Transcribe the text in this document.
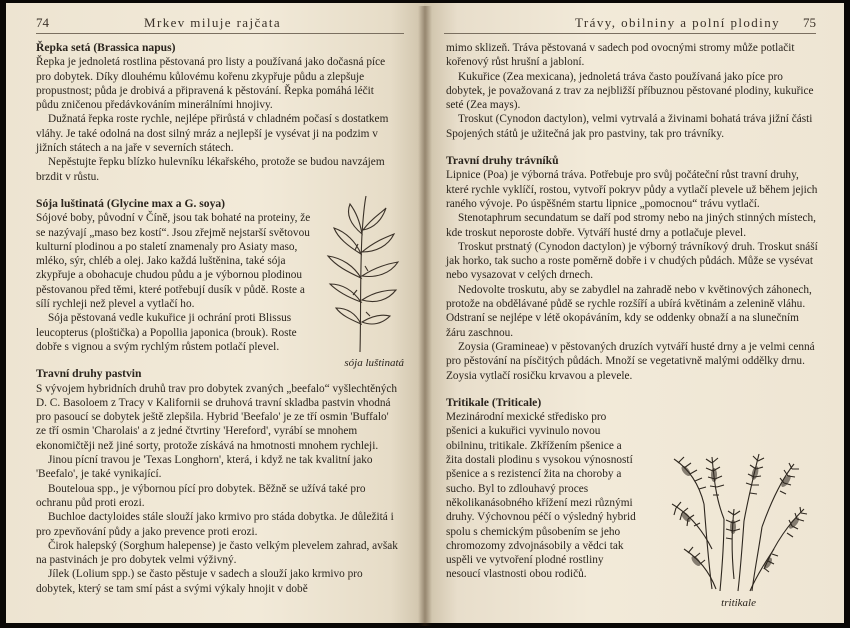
74	Mrkev miluje rajčata
Řepka setá (Brassica napus)

Řepka je jednoletá rostlina pěstovaná pro listy a používaná jako dočasná píce pro dobytek. Díky dlouhému kůlovému kořenu zkypřuje půdu a zlepšuje propustnost; půda je drobivá a připravená k pěstování. Řepka pomáhá léčit půdu zničenou předávkováním minerálními hnojivy.

Dužnatá řepka roste rychle, nejlépe přirůstá v chladném počasí s dostatkem vláhy. Je také odolná na dost silný mráz a nejlepší je vysévat ji na podzim v jižních státech a na jaře v severních státech.

Nepěstujte řepku blízko hulevníku lékařského, protože se budou navzájem brzdit v růstu.

Sója luštinatá (Glycine max a G. soya)

Sójové boby, původní v Číně, jsou tak bohaté na proteiny, že se nazývají „maso bez kostí“. Jsou zřejmě nejstarší světovou kulturní plodinou a po staletí znamenaly pro Asiaty maso, mléko, sýr, chléb a olej. Jako každá luštěnina, také sója zkypřuje a obohacuje chudou půdu a je výbornou plodinou pěstovanou před těmi, které potřebují dusík v půdě. Roste a sílí rychleji než plevel a vytlačí ho.

Sója pěstovaná vedle kukuřice ji ochrání proti Blissus leucopterus (ploštička) a Popollia japonica (brouk). Roste dobře s vignou a svým rychlým růstem potlačí plevel.

Travní druhy pastvin

S vývojem hybridních druhů trav pro dobytek zvaných „beefalo“ vyšlechtěných D. C. Basoloem z Tracy v Kalifornii se druhová travní skladba pastvin vhodná pro pasoucí se dobytek ještě zlepšila. Hybrid 'Beefalo' je ze tří osmin 'Buffalo' ze tří osmin 'Charolais' a z jedné čtvrtiny 'Hereford', vyrábí se mnohem ekonomičtěji než jiné sorty, protože získává na hmotnosti mnohem rychleji.

Jinou pícní travou je 'Texas Longhorn', která, i když ne tak kvalitní jako 'Beefalo', je také vynikající.

Bouteloua spp., je výbornou pící pro dobytek. Běžně se užívá také pro ochranu půd proti erozi.

Buchloe dactyloides stále slouží jako krmivo pro stáda dobytka. Je důležitá i pro zpevňování půdy a jako prevence proti erozi.

Čirok halepský (Sorghum halepense) je často velkým plevelem zahrad, avšak na pastvinách je pro dobytek velmi výživný.

Jílek (Lolium spp.) se často pěstuje v sadech a slouží jako krmivo pro dobytek, který se tam smí pást a svými výkaly hnojit v době

sója luštinatá
Trávy, obilniny a polní plodiny 75

mimo sklizeň. Tráva pěstovaná v sadech pod ovocnými stromy může potlačit kořenový růst hrušní a jabloní.

Kukuřice (Zea mexicana), jednoletá tráva často používaná jako píce pro dobytek, je považovaná z trav za nejbližší příbuznou pěstované plodiny, kukuřice seté (Zea mays).

Troskut (Cynodon dactylon), velmi vytrvalá a živinami bohatá tráva jižní části Spojených států je užitečná jak pro pastviny, tak pro trávníky.

Travní druhy trávníků

Lipnice (Poa) je výborná tráva. Potřebuje pro svůj počáteční růst travní druhy, které rychle vyklíčí, rostou, vytvoří pokryv půdy a vytlačí plevele už během jejich raného vývoje. Po úspěšném startu lipnice „pomocnou“ trávu vytlačí.

Stenotaphrum secundatum se daří pod stromy nebo na jiných stinných místech, kde troskut neporoste dobře. Vytváří husté drny a potlačuje plevel.

Troskut prstnatý (Cynodon dactylon) je výborný trávníkový druh. Troskut snáší jak horko, tak sucho a roste poměrně dobře i v chudých půdách. Může se vysévat nebo vysazovat v celých drnech.

Nedovolte troskutu, aby se zabydlel na zahradě nebo v květinových záhonech, protože na obdělávané půdě se rychle rozšíří a ubírá květinám a zelenině vláhu. Odstraní se nejlépe v létě okopáváním, kdy se oddenky obnaží a na slunečním žáru zaschnou.

Zoysia (Gramineae) v pěstovaných druzích vytváří husté drny a je velmi cenná pro pěstování na písčitých půdách. Množí se vegetativně malými oddělky drnu. Zoysia vytlačí rosičku krvavou a plevele.

Tritikale (Triticale)

Mezinárodní mexické středisko pro pšenici a kukuřici vyvinulo novou obilninu, tritikale. Zkřížením pšenice a žita dostali plodinu s vysokou výnosností pšenice a s rezistencí žita na choroby a sucho. Byl to zdlouhavý proces několikanásobného křížení mezi různými druhy. Výchovnou péčí o výsledný hybrid spolu s chemickým působením se jeho chromozomy zdvojnásobily a vědci tak uspěli ve vytvoření plodné rostliny nesoucí vlastnosti obou rodičů.

tritikale
